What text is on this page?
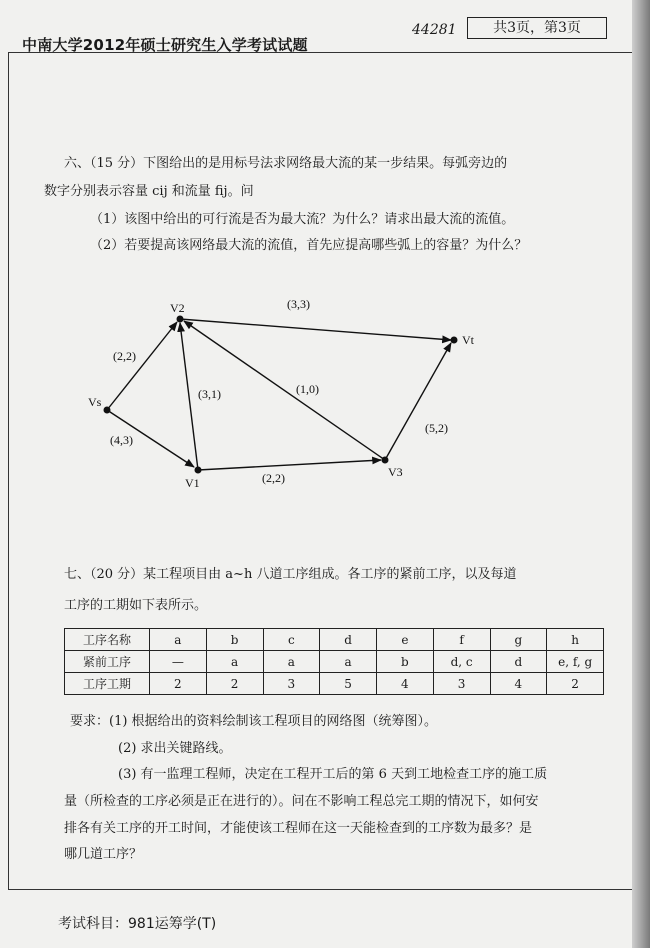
中南大学2012年硕士研究生入学考试试题
44281	共3页，第3页
六、（15 分）下图给出的是用标号法求网络最大流的某一步结果。每弧旁边的
数字分别表示容量 cij 和流量 fij。问
（1）该图中给出的可行流是否为最大流？为什么？请求出最大流的流值。
（2）若要提高该网络最大流的流值，首先应提高哪些弧上的容量？为什么？
Vs
V1
V2
V3
Vt
(2,2)
(4,3)
(3,1)
(2,2)
(1,0)
(3,3)
(5,2)
七、（20 分）某工程项目由 a~h 八道工序组成。各工序的紧前工序，以及每道
工序的工期如下表所示。
工序名称	a	b	c	d	e	f	g	h
紧前工序	—	a	a	a	b	d, c	d	e, f, g
工序工期	2	2	3	5	4	3	4	2
要求：(1) 根据给出的资料绘制该工程项目的网络图（统筹图）。
(2) 求出关键路线。
(3) 有一监理工程师，决定在工程开工后的第 6 天到工地检查工序的施工质
量（所检查的工序必须是正在进行的）。问在不影响工程总完工期的情况下，如何安
排各有关工序的开工时间，才能使该工程师在这一天能检查到的工序数为最多？是
哪几道工序？
考试科目：981运筹学(T)
